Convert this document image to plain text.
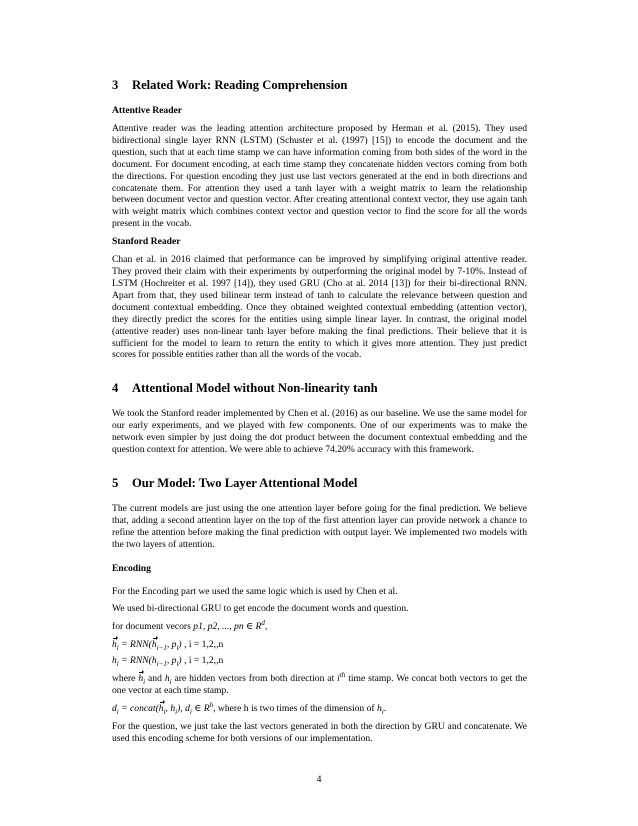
3 Related Work: Reading Comprehension
Attentive Reader

Attentive reader was the leading attention architecture proposed by Herman et al. (2015). They used bidirectional single layer RNN (LSTM) (Schuster et al. (1997) [15]) to encode the document and the question, such that at each time stamp we can have information coming from both sides of the word in the document. For document encoding, at each time stamp they concatenate hidden vectors coming from both the directions. For question encoding they just use last vectors generated at the end in both directions and concatenate them. For attention they used a tanh layer with a weight matrix to learn the relationship between document vector and question vector. After creating attentional context vector, they use again tanh with weight matrix which combines context vector and question vector to find the score for all the words present in the vocab.

Stanford Reader

Chan et al. in 2016 claimed that performance can be improved by simplifying original attentive reader. They proved their claim with their experiments by outperforming the original model by 7-10%. Instead of LSTM (Hochreiter et al. 1997 [14]), they used GRU (Cho at al. 2014 [13]) for their bi-directional RNN. Apart from that, they used bilinear term instead of tanh to calculate the relevance between question and document contextual embedding. Once they obtained weighted contextual embedding (attention vector), they directly predict the scores for the entities using simple linear layer. In contrast, the original model (attentive reader) uses non-linear tanh layer before making the final predictions. Their believe that it is sufficient for the model to learn to return the entity to which it gives more attention. They just predict scores for possible entities rather than all the words of the vocab.

4 Attentional Model without Non-linearity tanh

We took the Stanford reader implemented by Chen et al. (2016) as our baseline. We use the same model for our early experiments, and we played with few components. One of our experiments was to make the network even simpler by just doing the dot product between the document contextual embedding and the question context for attention. We were able to achieve 74.20% accuracy with this framework.

5 Our Model: Two Layer Attentional Model

The current models are just using the one attention layer before going for the final prediction. We believe that, adding a second attention layer on the top of the first attention layer can provide network a chance to refine the attention before making the final prediction with output layer. We implemented two models with the two layers of attention.

Encoding

For the Encoding part we used the same logic which is used by Chen et al.

We used bi-directional GRU to get encode the document words and question.

for document vecors p1, p2, ..., pn ∈ $R^d$,

$h_i = RNN(h_{i-1}$, $p_i$) , i = 1,2,,n

$h_i = RNN(h_{i-1}$, $p_i$) , i = 1,2,,n

where $h_i$ and $h_i$ are hidden vectors from both direction at $i^{th}$ time stamp. We concat both vectors to get the one vector at each time stamp.

$d_i$ = $concat(h_i$, $h_i$), $d_i$ ∈ $R^h$, where h is two times of the dimension of $h_i$.

For the question, we just take the last vectors generated in both the direction by GRU and concatenate. We used this encoding scheme for both versions of our implementation.

4
